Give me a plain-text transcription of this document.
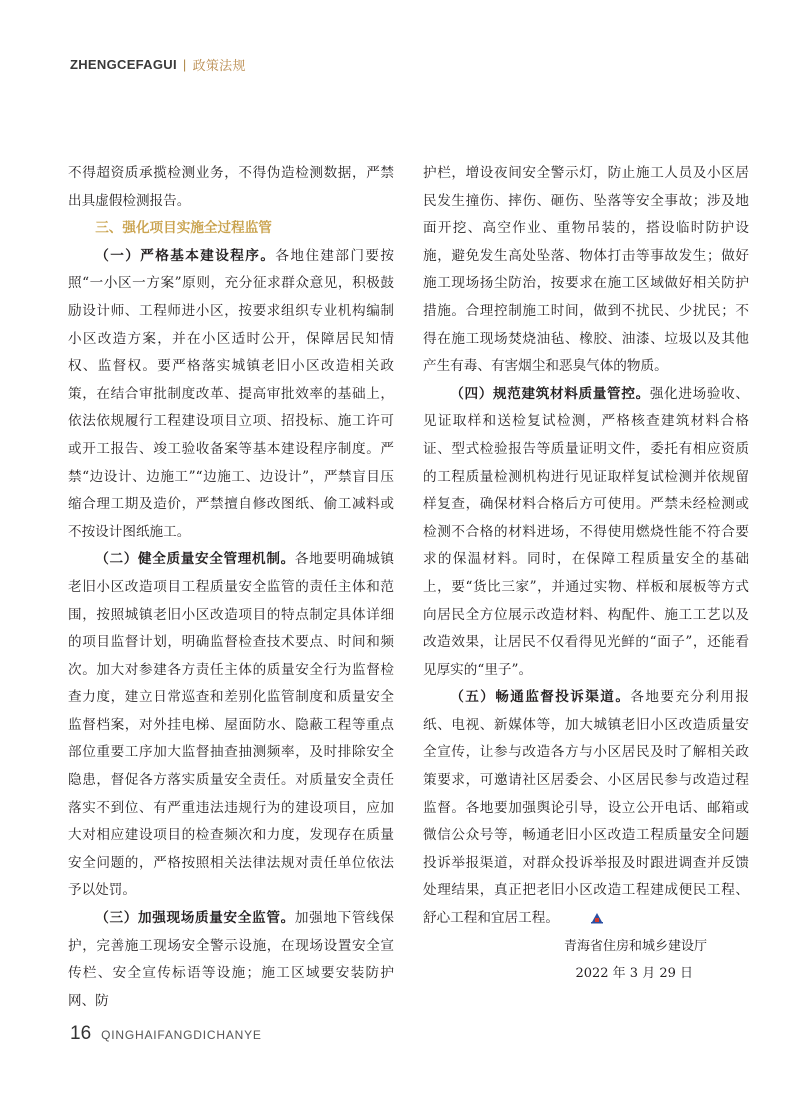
ZHENGCEFAGUI | 政策法规

不得超资质承揽检测业务，不得伪造检测数据，严禁出具虚假检测报告。

三、强化项目实施全过程监管

（一）严格基本建设程序。各地住建部门要按照“一小区一方案”原则，充分征求群众意见，积极鼓励设计师、工程师进小区，按要求组织专业机构编制小区改造方案，并在小区适时公开，保障居民知情权、监督权。要严格落实城镇老旧小区改造相关政策，在结合审批制度改革、提高审批效率的基础上，依法依规履行工程建设项目立项、招投标、施工许可或开工报告、竣工验收备案等基本建设程序制度。严禁“边设计、边施工”“边施工、边设计”，严禁盲目压缩合理工期及造价，严禁擅自修改图纸、偷工减料或不按设计图纸施工。

（二）健全质量安全管理机制。各地要明确城镇老旧小区改造项目工程质量安全监管的责任主体和范围，按照城镇老旧小区改造项目的特点制定具体详细的项目监督计划，明确监督检查技术要点、时间和频次。加大对参建各方责任主体的质量安全行为监督检查力度，建立日常巡查和差别化监管制度和质量安全监督档案，对外挂电梯、屋面防水、隐蔽工程等重点部位重要工序加大监督抽查抽测频率，及时排除安全隐患，督促各方落实质量安全责任。对质量安全责任落实不到位、有严重违法违规行为的建设项目，应加大对相应建设项目的检查频次和力度，发现存在质量安全问题的，严格按照相关法律法规对责任单位依法予以处罚。

（三）加强现场质量安全监管。加强地下管线保护，完善施工现场安全警示设施，在现场设置安全宣传栏、安全宣传标语等设施；施工区域要安装防护网、防

护栏，增设夜间安全警示灯，防止施工人员及小区居民发生撞伤、摔伤、砸伤、坠落等安全事故；涉及地面开挖、高空作业、重物吊装的，搭设临时防护设施，避免发生高处坠落、物体打击等事故发生；做好施工现场扬尘防治，按要求在施工区域做好相关防护措施。合理控制施工时间，做到不扰民、少扰民；不得在施工现场焚烧油毡、橡胶、油漆、垃圾以及其他产生有毒、有害烟尘和恶臭气体的物质。

（四）规范建筑材料质量管控。强化进场验收、见证取样和送检复试检测，严格核查建筑材料合格证、型式检验报告等质量证明文件，委托有相应资质的工程质量检测机构进行见证取样复试检测并依规留样复查，确保材料合格后方可使用。严禁未经检测或检测不合格的材料进场，不得使用燃烧性能不符合要求的保温材料。同时，在保障工程质量安全的基础上，要“货比三家”，并通过实物、样板和展板等方式向居民全方位展示改造材料、构配件、施工工艺以及改造效果，让居民不仅看得见光鲜的“面子”，还能看见厚实的“里子”。

（五）畅通监督投诉渠道。各地要充分利用报纸、电视、新媒体等，加大城镇老旧小区改造质量安全宣传，让参与改造各方与小区居民及时了解相关政策要求，可邀请社区居委会、小区居民参与改造过程监督。各地要加强舆论引导，设立公开电话、邮箱或微信公众号等，畅通老旧小区改造工程质量安全问题投诉举报渠道，对群众投诉举报及时跟进调查并反馈处理结果，真正把老旧小区改造工程建成便民工程、舒心工程和宜居工程。

青海省住房和城乡建设厅
2022 年 3 月 29 日
16 QINGHAIFANGDICHANYE
